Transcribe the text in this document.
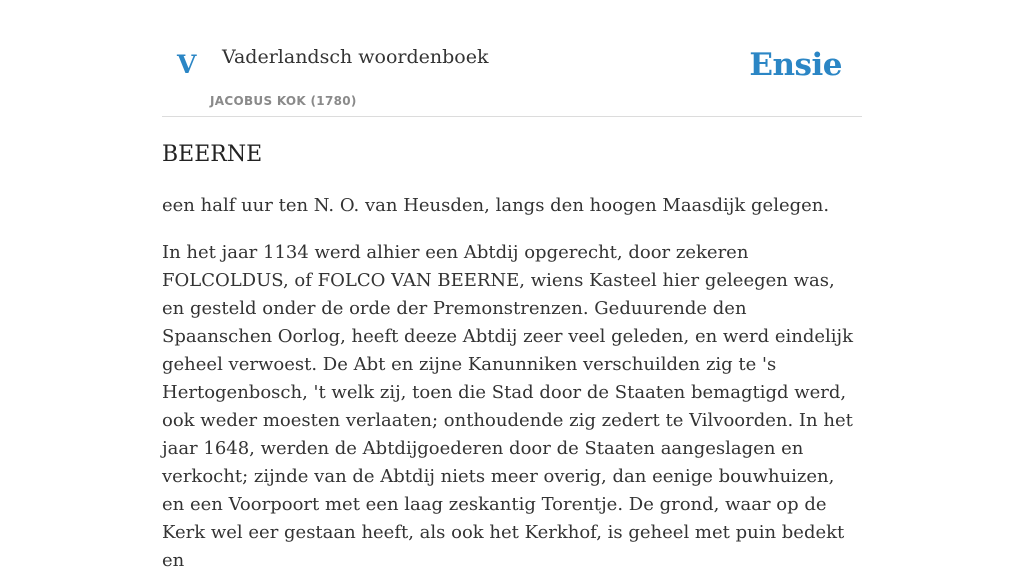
V Vaderlandsch woordenboek
JACOBUS KOK (1780)
Ensie
BEERNE

een half uur ten N. O. van Heusden, langs den hoogen Maasdijk gelegen.

In het jaar 1134 werd alhier een Abtdij opgerecht, door zekeren FOLCOLDUS, of FOLCO VAN BEERNE, wiens Kasteel hier geleegen was, en gesteld onder de orde der Premonstrenzen. Geduurende den Spaanschen Oorlog, heeft deeze Abtdij zeer veel geleden, en werd eindelijk geheel verwoest. De Abt en zijne Kanunniken verschuilden zig te 's Hertogenbosch, 't welk zij, toen die Stad door de Staaten bemagtigd werd, ook weder moesten verlaaten; onthoudende zig zedert te Vilvoorden. In het jaar 1648, werden de Abtdijgoederen door de Staaten aangeslagen en verkocht; zijnde van de Abtdij niets meer overig, dan eenige bouwhuizen, en een Voorpoort met een laag zeskantig Torentje. De grond, waar op de Kerk wel eer gestaan heeft, als ook het Kerkhof, is geheel met puin bedekt en
